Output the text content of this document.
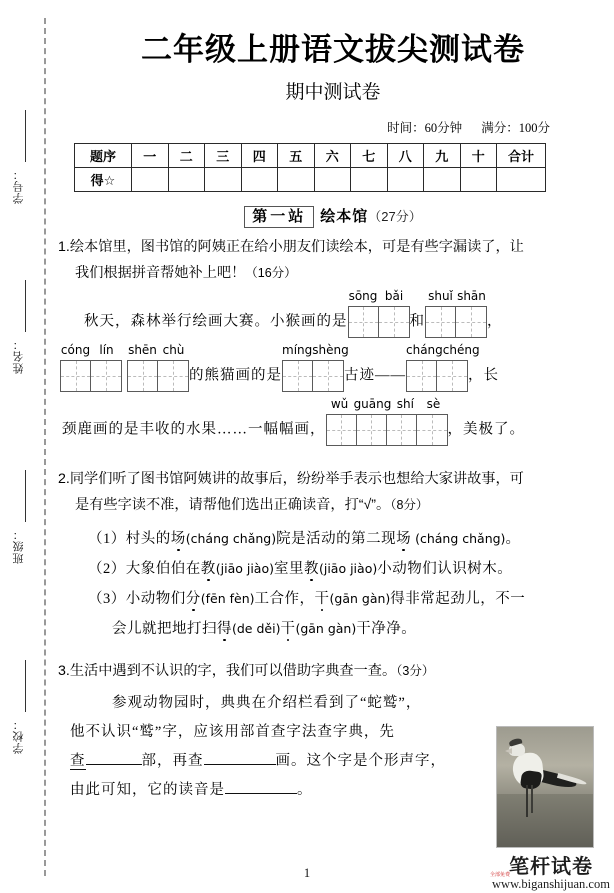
学号：
姓名：
班级：
学校：
二年级上册语文拔尖测试卷
期中测试卷
时间：60分钟 满分：100分
题序	一	二	三	四	五	六	七	八	九	十	合计
得☆											
第一站 绘本馆（27分）
1.绘本馆里，图书馆的阿姨正在给小朋友们读绘本，可是有些字漏读了，让
我们根据拼音帮她补上吧！（16分）
秋天，森林举行绘画大赛。小猴画的是
sōng bǎi
和
shuǐ shān
，
cóng lín	shēn chù
的熊猫画的是
míng shèng
古迹——
cháng chéng
，长
颈鹿画的是丰收的水果……一幅幅画，
wǔ guāng shí	sè
，美极了。
2.同学们听了图书馆阿姨讲的故事后，纷纷举手表示也想给大家讲故事，可
是有些字读不准，请帮他们选出正确读音，打“√”。（8分）
（1）村头的场(cháng chǎng)院是活动的第二现场 (cháng chǎng)。
（2）大象伯伯在教(jiāo jiào)室里教(jiāo jiào)小动物们认识树木。
（3）小动物们分(fēn fèn)工合作，干(gān gàn)得非常起劲儿，不一
会儿就把地打扫得(de děi)干(gān gàn)干净净。
3.生活中遇到不认识的字，我们可以借助字典查一查。（3分）
参观动物园时，典典在介绍栏看到了“蛇鹫”，
他不认识“鹫”字，应该用部首查字法查字典，先
查	部，再查	画。这个字是个形声字，
由此可知，它的读音是	。
全部免费
笔杆试卷
www.biganshijuan.com
1
